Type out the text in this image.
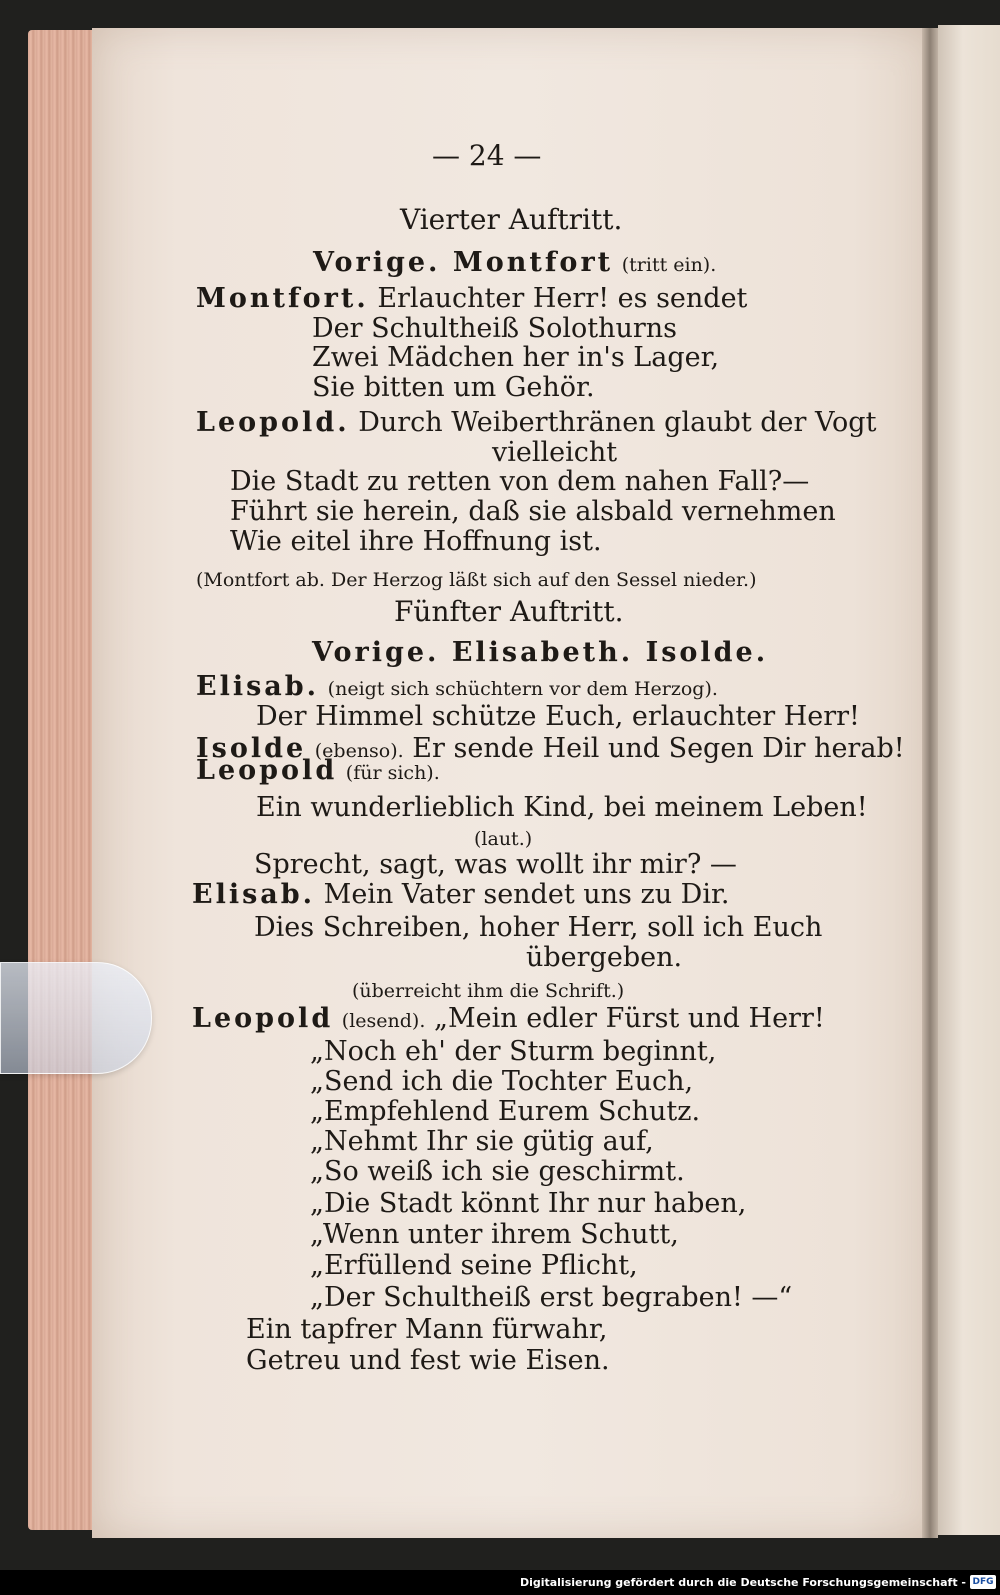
— 24 —
Vierter Auftritt.
Vorige. Montfort (tritt ein).
Montfort. Erlauchter Herr! es sendet
Der Schultheiß Solothurns
Zwei Mädchen her in's Lager,
Sie bitten um Gehör.
Leopold. Durch Weiberthränen glaubt der Vogt
vielleicht
Die Stadt zu retten von dem nahen Fall?—
Führt sie herein, daß sie alsbald vernehmen
Wie eitel ihre Hoffnung ist.
(Montfort ab. Der Herzog läßt sich auf den Sessel nieder.)
Fünfter Auftritt.
Vorige. Elisabeth. Isolde.
Elisab. (neigt sich schüchtern vor dem Herzog).
Der Himmel schütze Euch, erlauchter Herr!
Isolde (ebenso). Er sende Heil und Segen Dir herab!
Leopold (für sich).
Ein wunderlieblich Kind, bei meinem Leben!
(laut.)
Sprecht, sagt, was wollt ihr mir? —
Elisab. Mein Vater sendet uns zu Dir.
Dies Schreiben, hoher Herr, soll ich Euch
übergeben.
(überreicht ihm die Schrift.)
Leopold (lesend). „Mein edler Fürst und Herr!
„Noch eh' der Sturm beginnt,
„Send ich die Tochter Euch,
„Empfehlend Eurem Schutz.
„Nehmt Ihr sie gütig auf,
„So weiß ich sie geschirmt.
„Die Stadt könnt Ihr nur haben,
„Wenn unter ihrem Schutt,
„Erfüllend seine Pflicht,
„Der Schultheiß erst begraben! —“
Ein tapfrer Mann fürwahr,
Getreu und fest wie Eisen.
Digitalisierung gefördert durch die Deutsche Forschungsgemeinschaft - DFG
